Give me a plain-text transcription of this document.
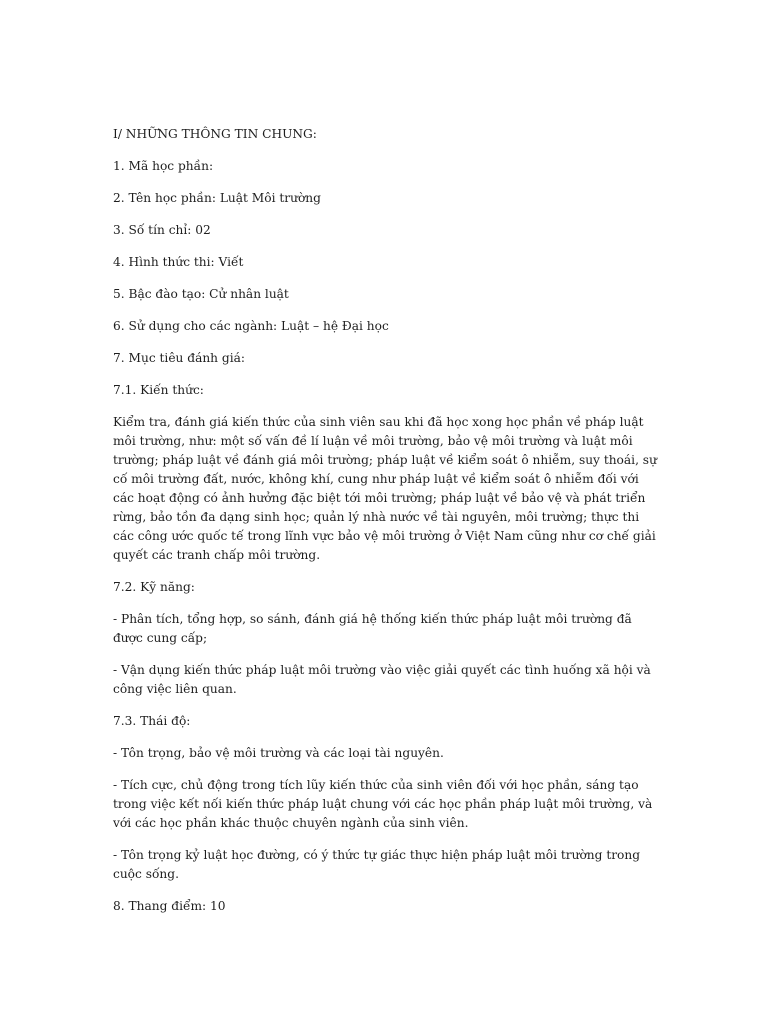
I/ NHỮNG THÔNG TIN CHUNG:

1. Mã học phần:

2. Tên học phần: Luật Môi trường

3. Số tín chỉ: 02

4. Hình thức thi: Viết

5. Bậc đào tạo: Cử nhân luật

6. Sử dụng cho các ngành: Luật – hệ Đại học

7. Mục tiêu đánh giá:

7.1. Kiến thức:

Kiểm tra, đánh giá kiến thức của sinh viên sau khi đã học xong học phần về pháp luật môi trường, như: một số vấn đề lí luận về môi trường, bảo vệ môi trường và luật môi trường; pháp luật về đánh giá môi trường; pháp luật về kiểm soát ô nhiễm, suy thoái, sự cố môi trường đất, nước, không khí, cung như pháp luật về kiểm soát ô nhiễm đối với các hoạt động có ảnh hưởng đặc biệt tới môi trường; pháp luật về bảo vệ và phát triển rừng, bảo tồn đa dạng sinh học; quản lý nhà nước về tài nguyên, môi trường; thực thi các công ước quốc tế trong lĩnh vực bảo vệ môi trường ở Việt Nam cũng như cơ chế giải quyết các tranh chấp môi trường.

7.2. Kỹ năng:

- Phân tích, tổng hợp, so sánh, đánh giá hệ thống kiến thức pháp luật môi trường đã được cung cấp;

- Vận dụng kiến thức pháp luật môi trường vào việc giải quyết các tình huống xã hội và công việc liên quan.

7.3. Thái độ:

- Tôn trọng, bảo vệ môi trường và các loại tài nguyên.

- Tích cực, chủ động trong tích lũy kiến thức của sinh viên đối với học phần, sáng tạo trong việc kết nối kiến thức pháp luật chung với các học phần pháp luật môi trường, và với các học phần khác thuộc chuyên ngành của sinh viên.

- Tôn trọng kỷ luật học đường, có ý thức tự giác thực hiện pháp luật môi trường trong cuộc sống.

8. Thang điểm: 10
